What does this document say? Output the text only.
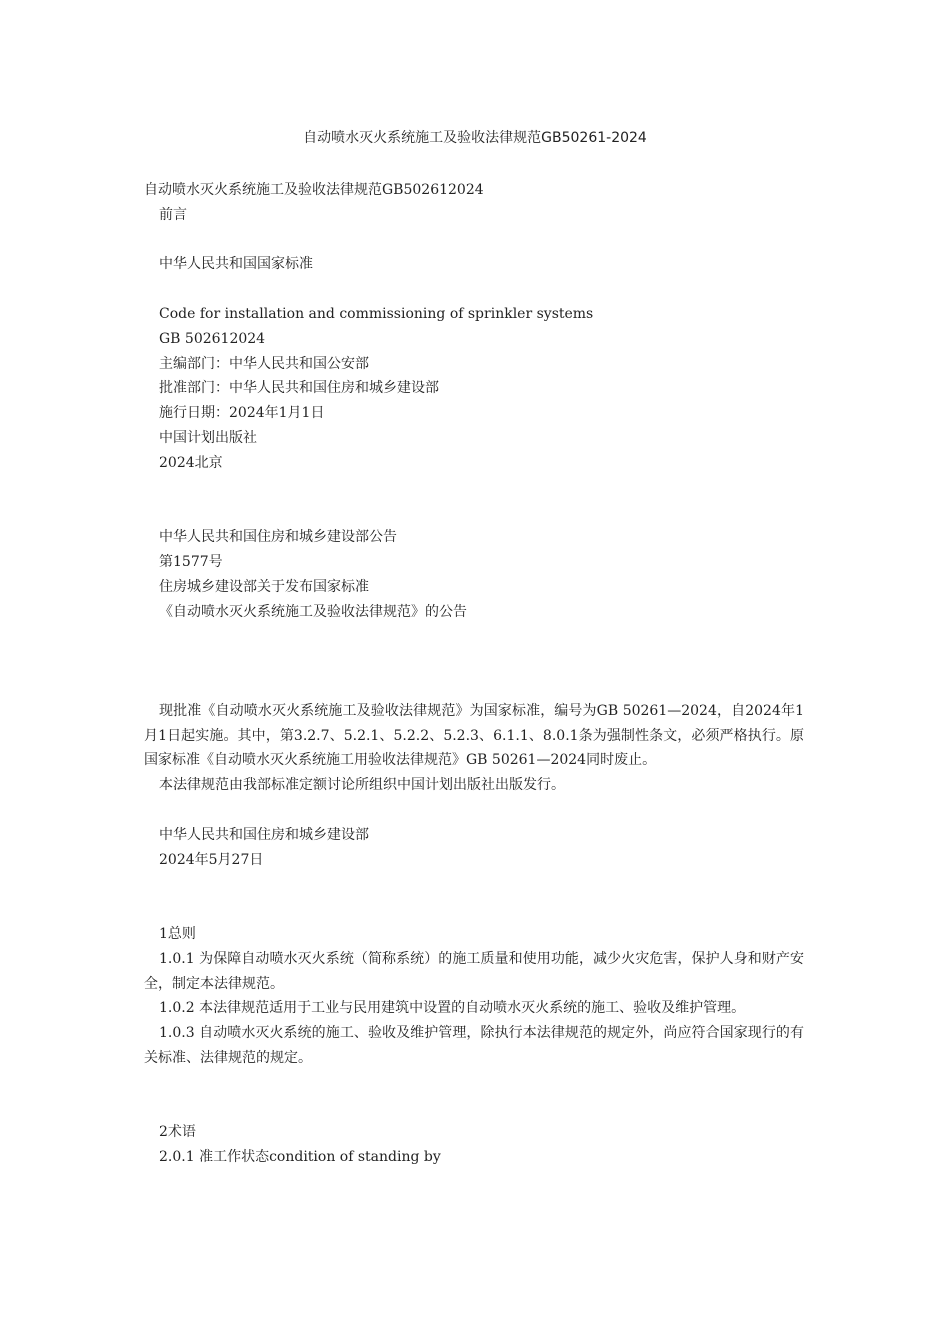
自动喷水灭火系统施工及验收法律规范GB50261-2024
自动喷水灭火系统施工及验收法律规范GB502612024
前言
中华人民共和国国家标准
Code for installation and commissioning of sprinkler systems
GB 502612024
主编部门：中华人民共和国公安部
批准部门：中华人民共和国住房和城乡建设部
施行日期：2024年1月1日
中国计划出版社
2024北京
中华人民共和国住房和城乡建设部公告
第1577号
住房城乡建设部关于发布国家标准
《自动喷水灭火系统施工及验收法律规范》的公告

现批准《自动喷水灭火系统施工及验收法律规范》为国家标准，编号为GB 50261—2024，自2024年1月1日起实施。其中，第3.2.7、5.2.1、5.2.2、5.2.3、6.1.1、8.0.1条为强制性条文，必须严格执行。原国家标准《自动喷水灭火系统施工用验收法律规范》GB 50261—2024同时废止。

本法律规范由我部标准定额讨论所组织中国计划出版社出版发行。

中华人民共和国住房和城乡建设部
2024年5月27日
1总则

1.0.1 为保障自动喷水灭火系统（简称系统）的施工质量和使用功能，减少火灾危害，保护人身和财产安全，制定本法律规范。

1.0.2 本法律规范适用于工业与民用建筑中设置的自动喷水灭火系统的施工、验收及维护管理。

1.0.3 自动喷水灭火系统的施工、验收及维护管理，除执行本法律规范的规定外，尚应符合国家现行的有关标准、法律规范的规定。

2术语
2.0.1 准工作状态condition of standing by
